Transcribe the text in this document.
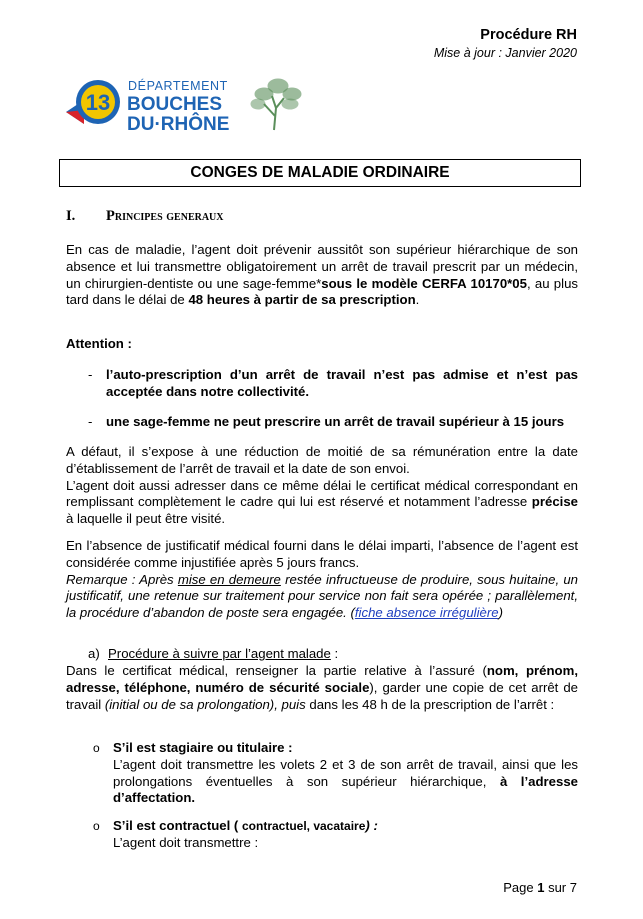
Procédure RH
Mise à jour : Janvier 2020
13
DÉPARTEMENT
BOUCHES
DU·RHÔNE
CONGES DE MALADIE ORDINAIRE
I. Principes generaux
En cas de maladie, l’agent doit prévenir aussitôt son supérieur hiérarchique de son absence et lui transmettre obligatoirement un arrêt de travail prescrit par un médecin, un chirurgien-dentiste ou une sage-femme*sous le modèle CERFA 10170*05, au plus tard dans le délai de 48 heures à partir de sa prescription.
Attention :
-	l’auto-prescription d’un arrêt de travail n’est pas admise et n’est pas acceptée dans notre collectivité.
-	une sage-femme ne peut prescrire un arrêt de travail supérieur à 15 jours
A défaut, il s’expose à une réduction de moitié de sa rémunération entre la date d’établissement de l’arrêt de travail et la date de son envoi.
L’agent doit aussi adresser dans ce même délai le certificat médical correspondant en remplissant complètement le cadre qui lui est réservé et notamment l’adresse précise à laquelle il peut être visité.
En l’absence de justificatif médical fourni dans le délai imparti, l’absence de l’agent est considérée comme injustifiée après 5 jours francs.
Remarque : Après mise en demeure restée infructueuse de produire, sous huitaine, un justificatif, une retenue sur traitement pour service non fait sera opérée ; parallèlement, la procédure d’abandon de poste sera engagée. (fiche absence irrégulière)
a) Procédure à suivre par l’agent malade :
Dans le certificat médical, renseigner la partie relative à l’assuré (nom, prénom, adresse, téléphone, numéro de sécurité sociale), garder une copie de cet arrêt de travail (initial ou de sa prolongation), puis dans les 48 h de la prescription de l’arrêt :
o	S’il est stagiaire ou titulaire :
L’agent doit transmettre les volets 2 et 3 de son arrêt de travail, ainsi que les prolongations éventuelles à son supérieur hiérarchique, à l’adresse d’affectation.
o	S’il est contractuel ( contractuel, vacataire) :
L’agent doit transmettre :
Page 1 sur 7
